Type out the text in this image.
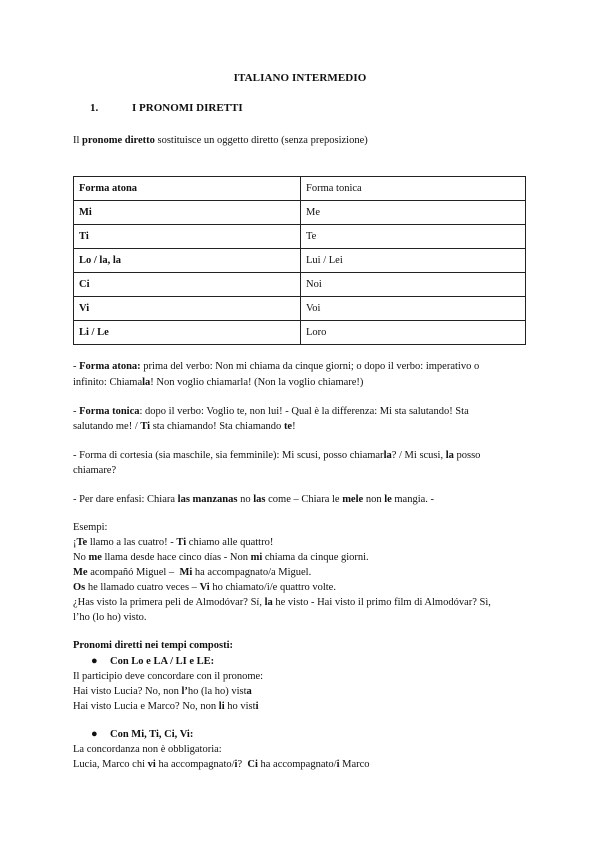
ITALIANO INTERMEDIO
1.	I PRONOMI DIRETTI
Il pronome diretto sostituisce un oggetto diretto (senza preposizione)
Forma atona	Forma tonica
Mi	Me
Ti	Te
Lo / la, la	Lui / Lei
Ci	Noi
Vi	Voi
Li / Le	Loro
- Forma atona: prima del verbo: Non mi chiama da cinque giorni; o dopo il verbo: imperativo o
infinito: Chiamala! Non voglio chiamarla! (Non la voglio chiamare!)
- Forma tonica: dopo il verbo: Voglio te, non lui! - Qual è la differenza: Mi sta salutando! Sta
salutando me! / Ti sta chiamando! Sta chiamando te!
- Forma di cortesia (sia maschile, sia femminile): Mi scusi, posso chiamarla? / Mi scusi, la posso
chiamare?
- Per dare enfasi: Chiara las manzanas no las come – Chiara le mele non le mangia. -
Esempi:
¡Te llamo a las cuatro! - Ti chiamo alle quattro!
No me llama desde hace cinco días - Non mi chiama da cinque giorni.
Me acompañó Miguel –  Mi ha accompagnato/a Miguel.
Os he llamado cuatro veces – Vi ho chiamato/i/e quattro volte.
¿Has visto la primera peli de Almodóvar? Sí, la he visto - Hai visto il primo film di Almodóvar? Sì,
l’ho (lo ho) visto.
Pronomi diretti nei tempi composti:
● Con Lo e LA / LI e LE:
Il participio deve concordare con il pronome:
Hai visto Lucia? No, non l’ho (la ho) vista
Hai visto Lucia e Marco? No, non li ho visti
● Con Mi, Ti, Ci, Vi:
La concordanza non è obbligatoria:
Lucia, Marco chi vi ha accompagnato/i?  Ci ha accompagnato/i Marco
